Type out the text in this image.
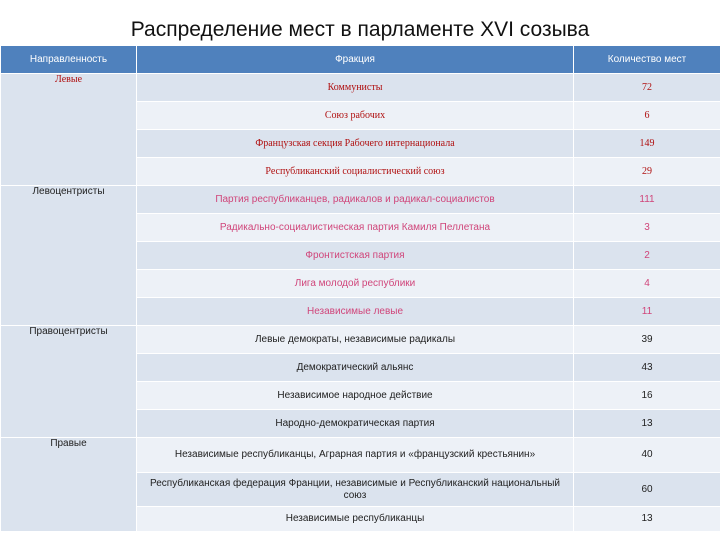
Распределение мест в парламенте XVI созыва
Направленность	Фракция	Количество мест
Левые	Коммунисты	72
	Союз рабочих	6
	Французская секция Рабочего интернационала	149
	Республиканский социалистический союз	29
Левоцентристы	Партия республиканцев, радикалов и радикал-социалистов	111
	Радикально-социалистическая партия Камиля Пеллетана	3
	Фронтистская партия	2
	Лига молодой республики	4
	Независимые левые	11
Правоцентристы	Левые демократы, независимые радикалы	39
	Демократический альянс	43
	Независимое народное действие	16
	Народно-демократическая партия	13
Правые	Независимые республиканцы, Аграрная партия и «французский крестьянин»	40
	Республиканская федерация Франции, независимые и Республиканский национальный союз	60
	Независимые республиканцы	13
